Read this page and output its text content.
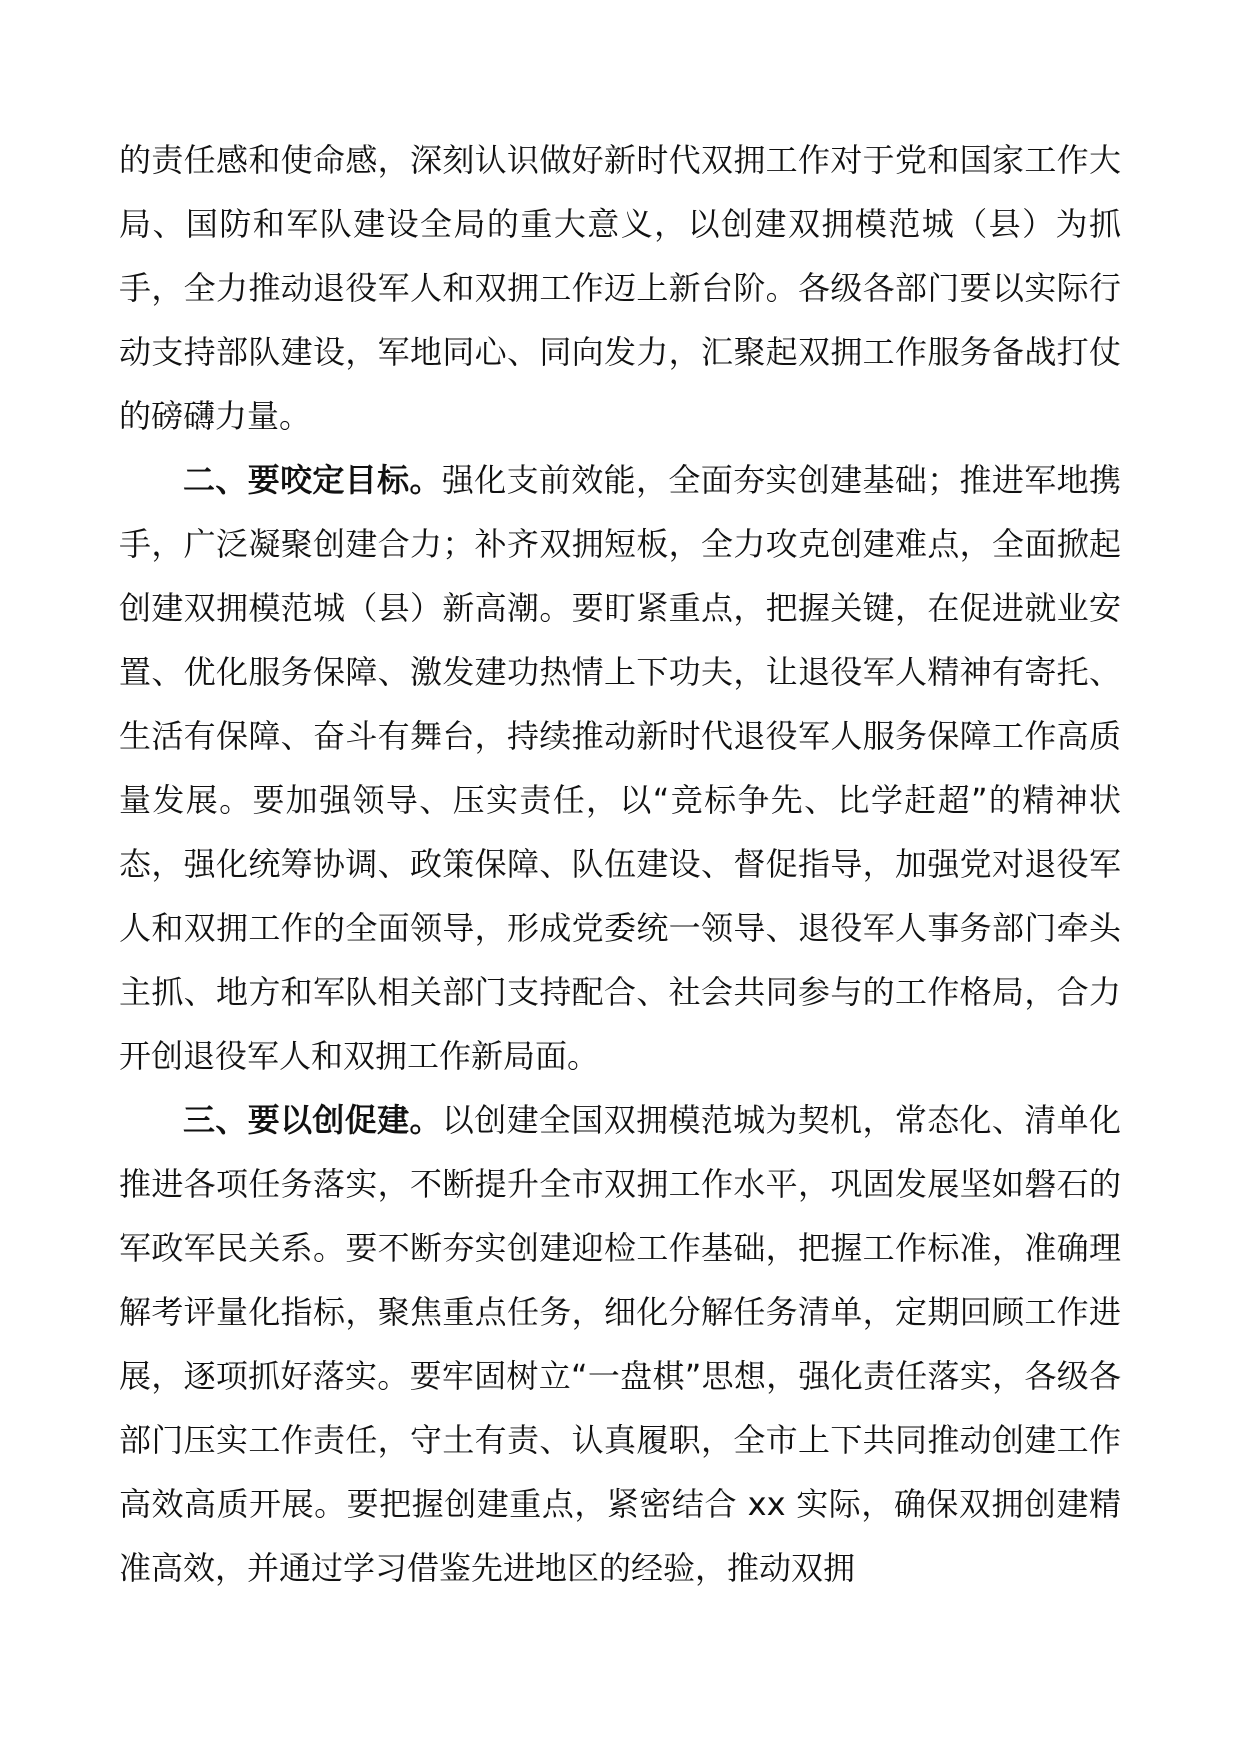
的责任感和使命感，深刻认识做好新时代双拥工作对于党和国家工作大局、国防和军队建设全局的重大意义，以创建双拥模范城（县）为抓手，全力推动退役军人和双拥工作迈上新台阶。各级各部门要以实际行动支持部队建设，军地同心、同向发力，汇聚起双拥工作服务备战打仗的磅礴力量。

二、要咬定目标。强化支前效能，全面夯实创建基础；推进军地携手，广泛凝聚创建合力；补齐双拥短板，全力攻克创建难点，全面掀起创建双拥模范城（县）新高潮。要盯紧重点，把握关键，在促进就业安置、优化服务保障、激发建功热情上下功夫，让退役军人精神有寄托、生活有保障、奋斗有舞台，持续推动新时代退役军人服务保障工作高质量发展。要加强领导、压实责任，以“竞标争先、比学赶超”的精神状态，强化统筹协调、政策保障、队伍建设、督促指导，加强党对退役军人和双拥工作的全面领导，形成党委统一领导、退役军人事务部门牵头主抓、地方和军队相关部门支持配合、社会共同参与的工作格局，合力开创退役军人和双拥工作新局面。

三、要以创促建。以创建全国双拥模范城为契机，常态化、清单化推进各项任务落实，不断提升全市双拥工作水平，巩固发展坚如磐石的军政军民关系。要不断夯实创建迎检工作基础，把握工作标准，准确理解考评量化指标，聚焦重点任务，细化分解任务清单，定期回顾工作进展，逐项抓好落实。要牢固树立“一盘棋”思想，强化责任落实，各级各部门压实工作责任，守土有责、认真履职，全市上下共同推动创建工作高效高质开展。要把握创建重点，紧密结合 xx 实际，确保双拥创建精准高效，并通过学习借鉴先进地区的经验，推动双拥
